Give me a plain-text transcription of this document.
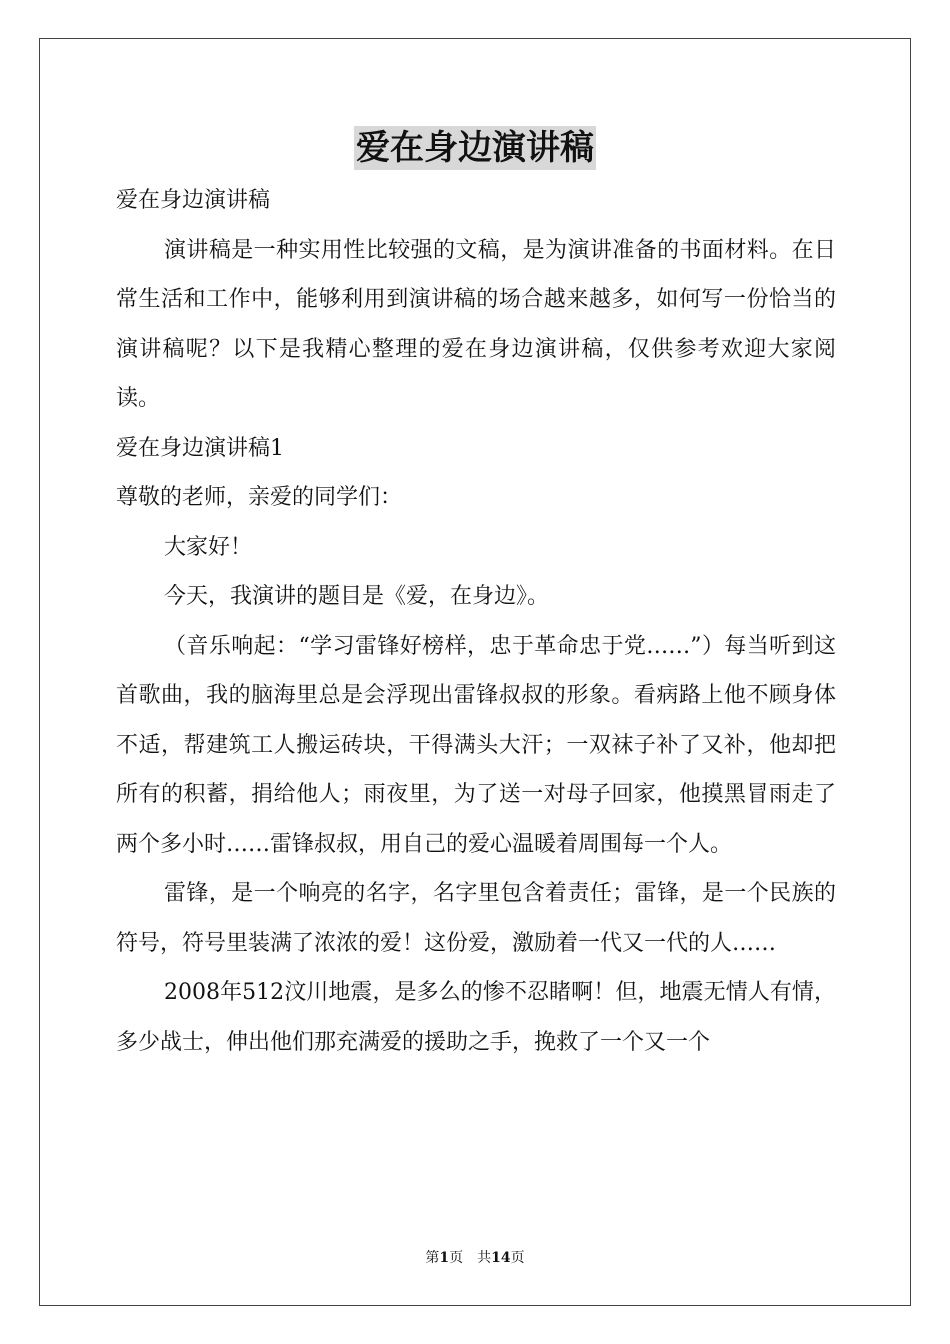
爱在身边演讲稿

爱在身边演讲稿

演讲稿是一种实用性比较强的文稿，是为演讲准备的书面材料。在日常生活和工作中，能够利用到演讲稿的场合越来越多，如何写一份恰当的演讲稿呢？以下是我精心整理的爱在身边演讲稿，仅供参考欢迎大家阅读。

爱在身边演讲稿1

尊敬的老师，亲爱的同学们：

大家好！

今天，我演讲的题目是《爱，在身边》。

（音乐响起：“学习雷锋好榜样，忠于革命忠于党……”）每当听到这首歌曲，我的脑海里总是会浮现出雷锋叔叔的形象。看病路上他不顾身体不适，帮建筑工人搬运砖块，干得满头大汗；一双袜子补了又补，他却把所有的积蓄，捐给他人；雨夜里，为了送一对母子回家，他摸黑冒雨走了两个多小时……雷锋叔叔，用自己的爱心温暖着周围每一个人。

雷锋，是一个响亮的名字，名字里包含着责任；雷锋，是一个民族的符号，符号里装满了浓浓的爱！这份爱，激励着一代又一代的人……

2008年512汶川地震，是多么的惨不忍睹啊！但，地震无情人有情，多少战士，伸出他们那充满爱的援助之手，挽救了一个又一个

第1页 共14页
